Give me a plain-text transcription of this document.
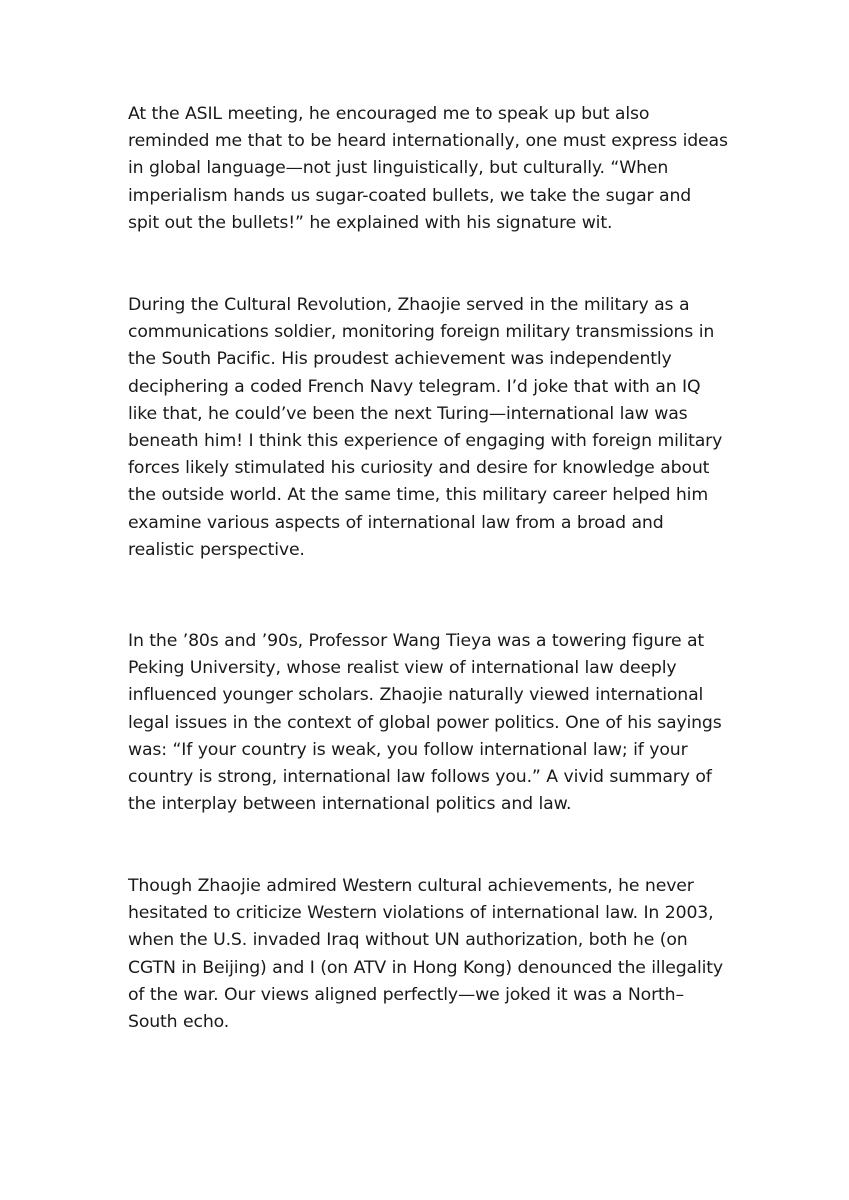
At the ASIL meeting, he encouraged me to speak up but also
reminded me that to be heard internationally, one must express ideas
in global language—not just linguistically, but culturally. “When
imperialism hands us sugar-coated bullets, we take the sugar and
spit out the bullets!” he explained with his signature wit.

During the Cultural Revolution, Zhaojie served in the military as a
communications soldier, monitoring foreign military transmissions in
the South Pacific. His proudest achievement was independently
deciphering a coded French Navy telegram. I’d joke that with an IQ
like that, he could’ve been the next Turing—international law was
beneath him! I think this experience of engaging with foreign military
forces likely stimulated his curiosity and desire for knowledge about
the outside world. At the same time, this military career helped him
examine various aspects of international law from a broad and
realistic perspective.

In the ’80s and ’90s, Professor Wang Tieya was a towering figure at
Peking University, whose realist view of international law deeply
influenced younger scholars. Zhaojie naturally viewed international
legal issues in the context of global power politics. One of his sayings
was: “If your country is weak, you follow international law; if your
country is strong, international law follows you.” A vivid summary of
the interplay between international politics and law.

Though Zhaojie admired Western cultural achievements, he never
hesitated to criticize Western violations of international law. In 2003,
when the U.S. invaded Iraq without UN authorization, both he (on
CGTN in Beijing) and I (on ATV in Hong Kong) denounced the illegality
of the war. Our views aligned perfectly—we joked it was a North–
South echo.
